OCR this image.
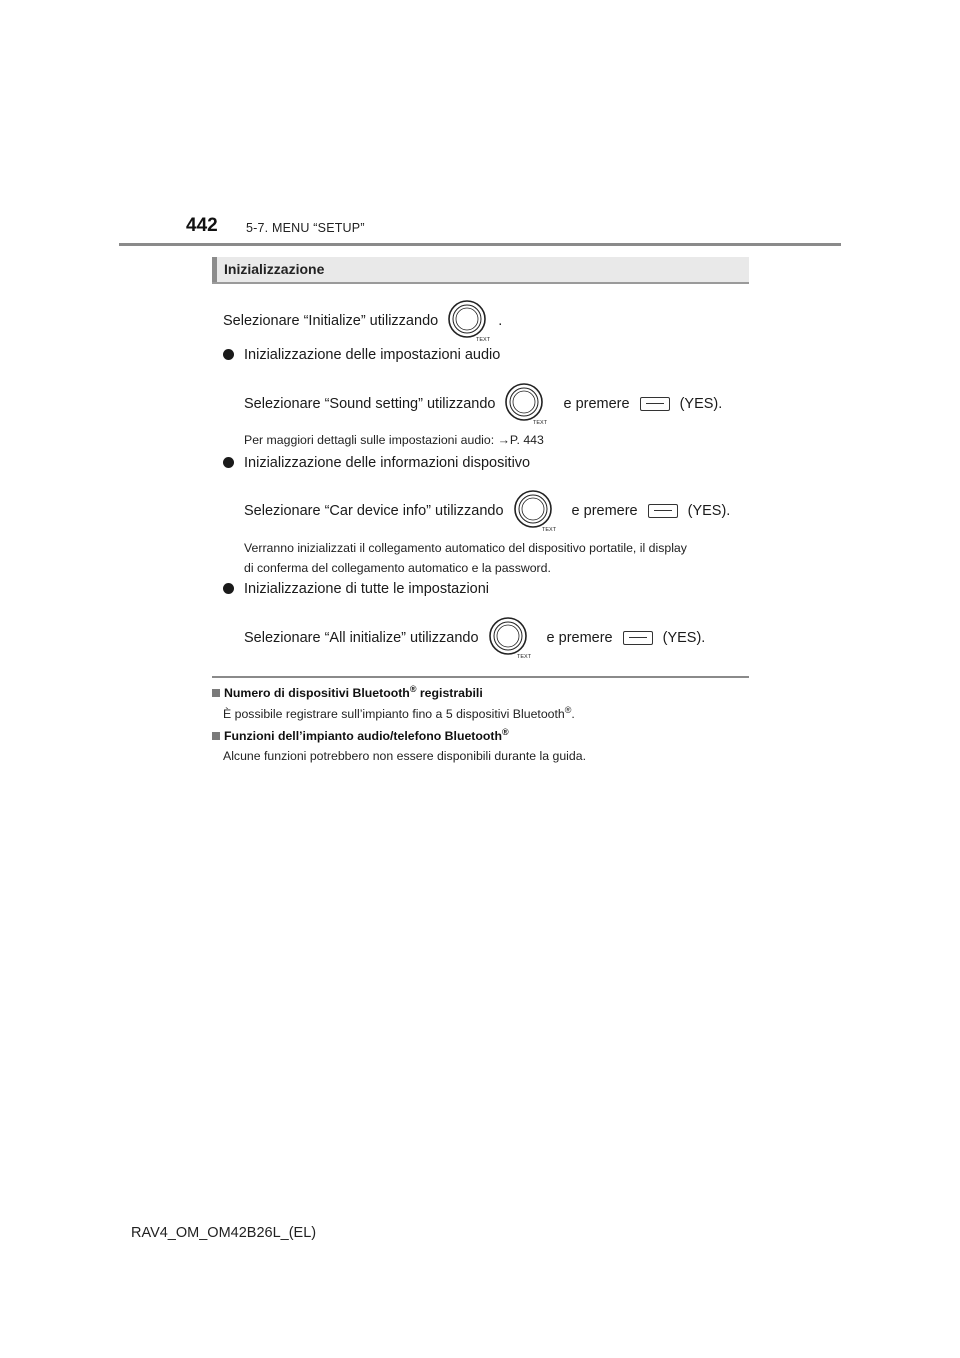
442 5-7. MENU “SETUP”
Inizializzazione
Selezionare “Initialize” utilizzando
TEXT
.
Inizializzazione delle impostazioni audio
Selezionare “Sound setting” utilizzando
TEXT
e premere	(YES).
Per maggiori dettagli sulle impostazioni audio: →P. 443
Inizializzazione delle informazioni dispositivo
Selezionare “Car device info” utilizzando
TEXT
e premere	(YES).
Verranno inizializzati il collegamento automatico del dispositivo portatile, il display
di conferma del collegamento automatico e la password.
Inizializzazione di tutte le impostazioni
Selezionare “All initialize” utilizzando
TEXT
e premere	(YES).
Numero di dispositivi Bluetooth® registrabili
È possibile registrare sull’impianto fino a 5 dispositivi Bluetooth®.
Funzioni dell’impianto audio/telefono Bluetooth®
Alcune funzioni potrebbero non essere disponibili durante la guida.
RAV4_OM_OM42B26L_(EL)
